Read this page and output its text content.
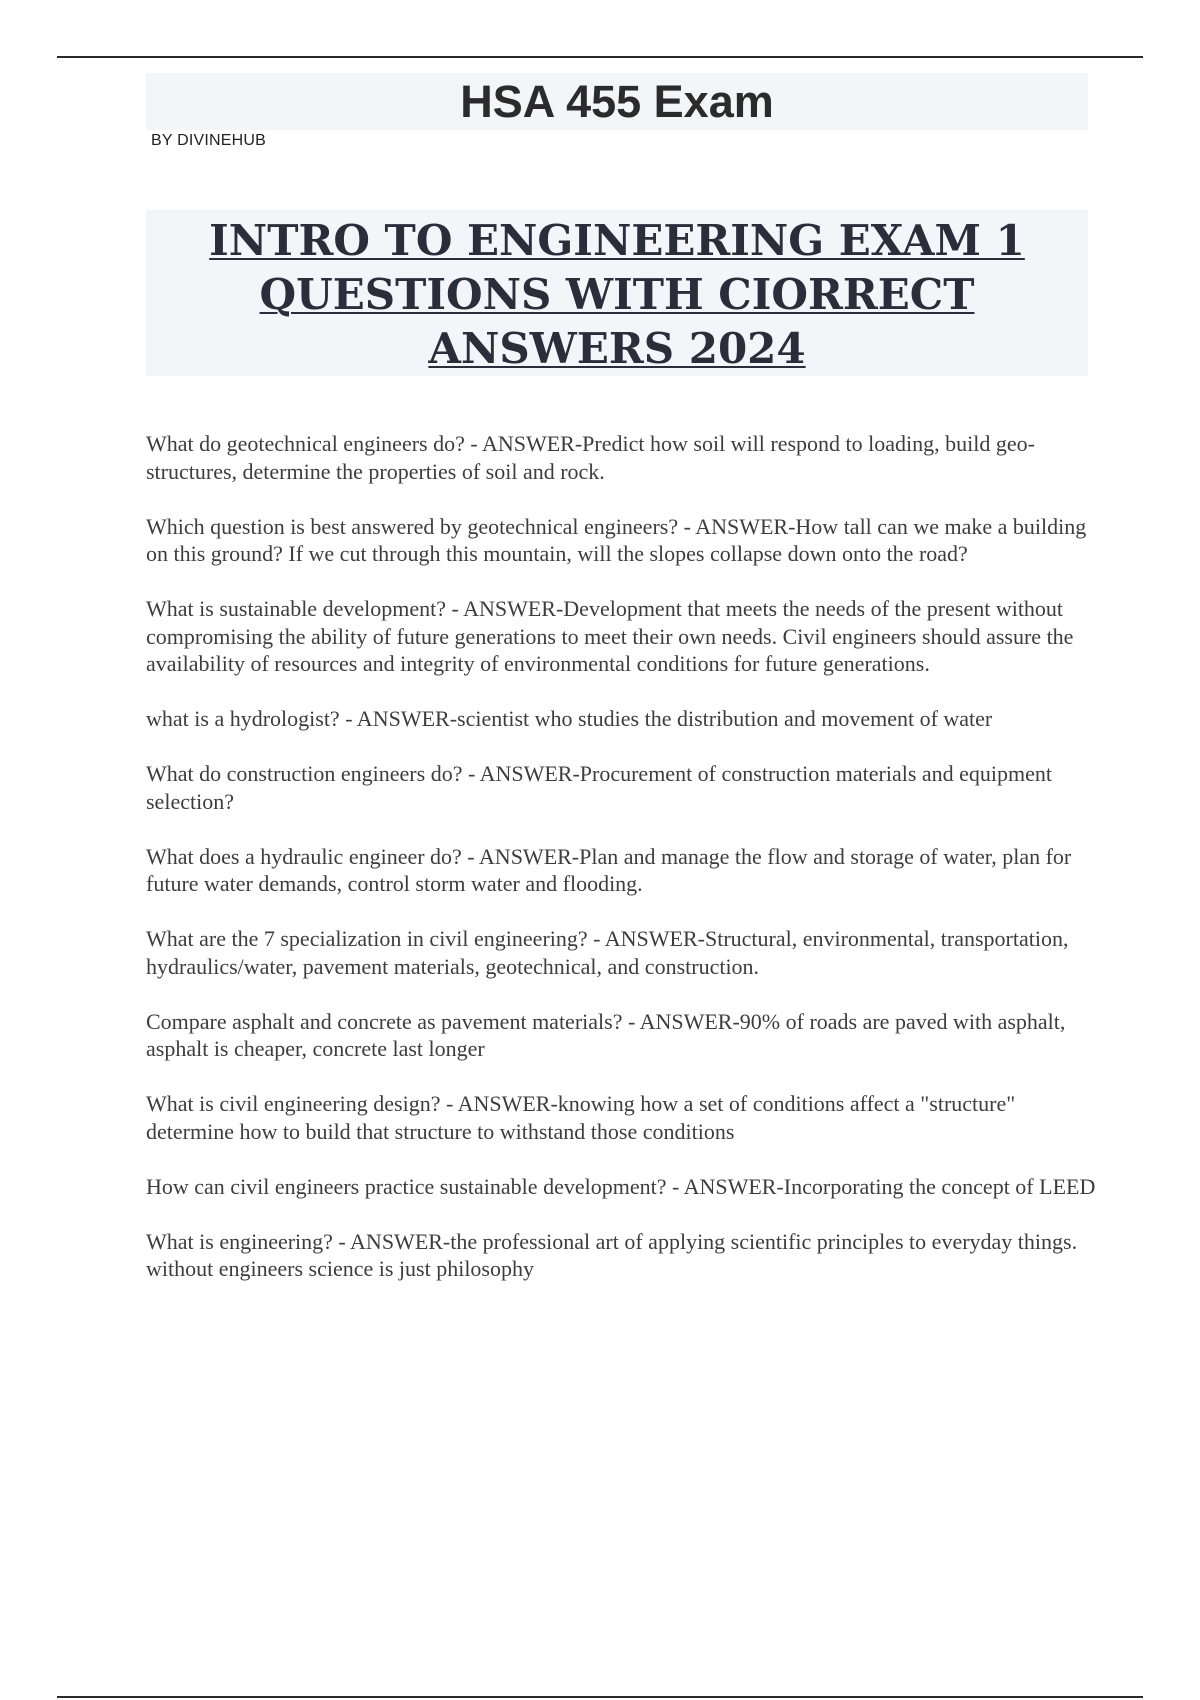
HSA 455 Exam
BY DIVINEHUB
INTRO TO ENGINEERING EXAM 1
QUESTIONS WITH CIORRECT
ANSWERS 2024
What do geotechnical engineers do? - ANSWER-Predict how soil will respond to loading, build geo-structures, determine the properties of soil and rock.
Which question is best answered by geotechnical engineers? - ANSWER-How tall can we make a building on this ground? If we cut through this mountain, will the slopes collapse down onto the road?
What is sustainable development? - ANSWER-Development that meets the needs of the present without compromising the ability of future generations to meet their own needs. Civil engineers should assure the availability of resources and integrity of environmental conditions for future generations.
what is a hydrologist? - ANSWER-scientist who studies the distribution and movement of water
What do construction engineers do? - ANSWER-Procurement of construction materials and equipment selection?
What does a hydraulic engineer do? - ANSWER-Plan and manage the flow and storage of water, plan for future water demands, control storm water and flooding.
What are the 7 specialization in civil engineering? - ANSWER-Structural, environmental, transportation, hydraulics/water, pavement materials, geotechnical, and construction.
Compare asphalt and concrete as pavement materials? - ANSWER-90% of roads are paved with asphalt, asphalt is cheaper, concrete last longer
What is civil engineering design? - ANSWER-knowing how a set of conditions affect a "structure" determine how to build that structure to withstand those conditions
How can civil engineers practice sustainable development? - ANSWER-Incorporating the concept of LEED
What is engineering? - ANSWER-the professional art of applying scientific principles to everyday things. without engineers science is just philosophy
